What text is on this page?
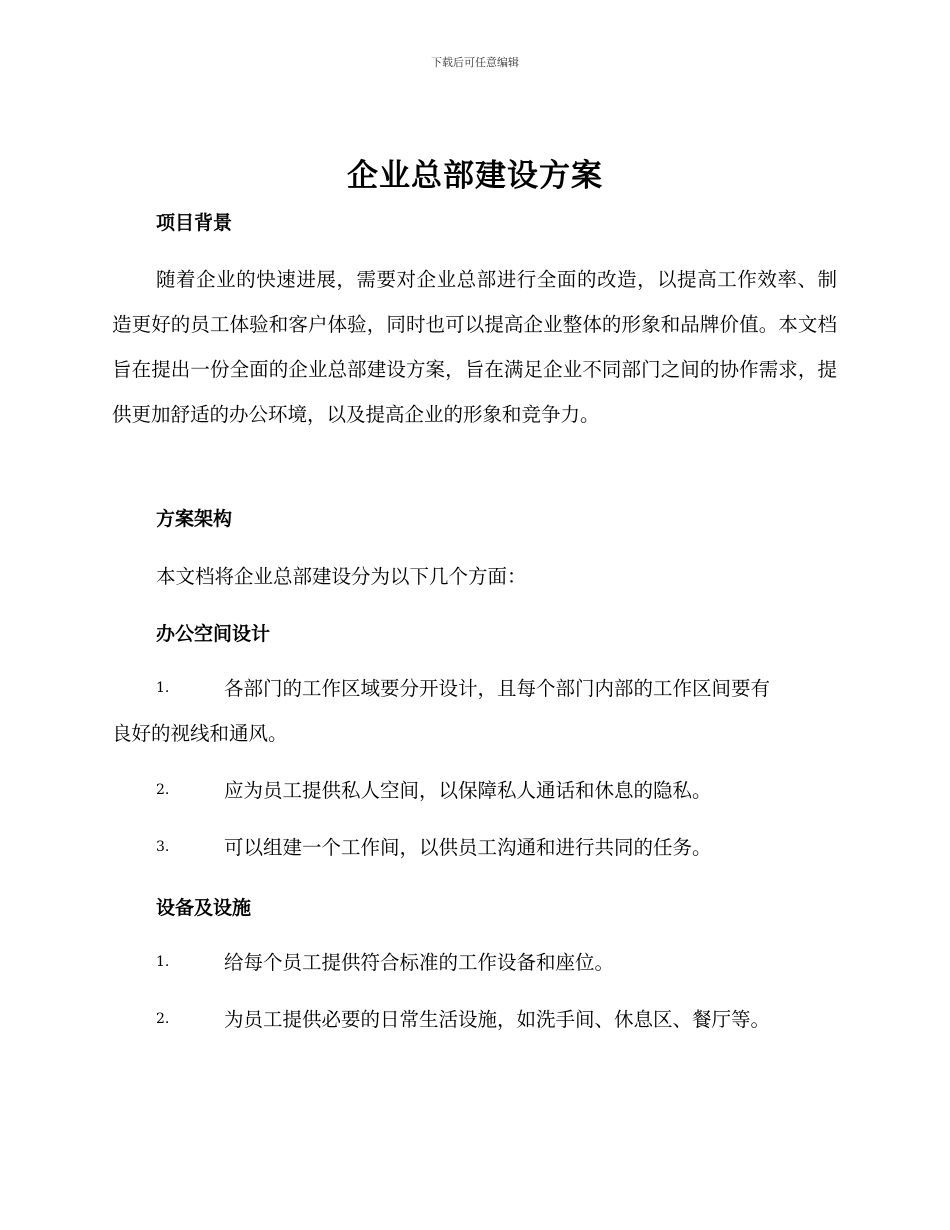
下载后可任意编辑
企业总部建设方案
项目背景
随着企业的快速进展，需要对企业总部进行全面的改造，以提高工作效率、制造更好的员工体验和客户体验，同时也可以提高企业整体的形象和品牌价值。本文档旨在提出一份全面的企业总部建设方案，旨在满足企业不同部门之间的协作需求，提供更加舒适的办公环境，以及提高企业的形象和竞争力。
方案架构
本文档将企业总部建设分为以下几个方面：
办公空间设计
1.	各部门的工作区域要分开设计，且每个部门内部的工作区间要有
良好的视线和通风。
2.	应为员工提供私人空间，以保障私人通话和休息的隐私。
3.	可以组建一个工作间，以供员工沟通和进行共同的任务。
设备及设施
1.	给每个员工提供符合标准的工作设备和座位。
2.	为员工提供必要的日常生活设施，如洗手间、休息区、餐厅等。
